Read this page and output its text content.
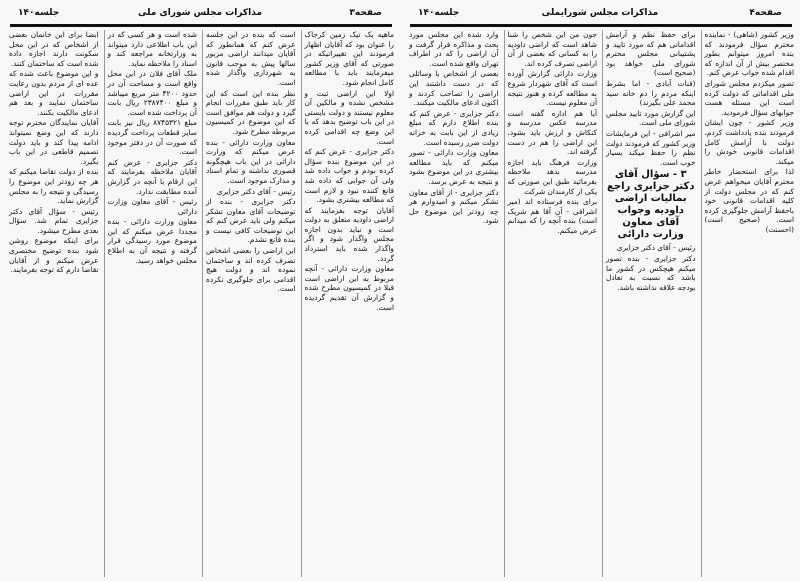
صفحه۳
مذاکرات مجلس شورای ملی
جلسه۱۴۰

ماهیه یک تیک زمین کرجاک را عنوان بود که آقایان اظهار فرمودند این تغییراتیکه در صورتی که آقای وزیر کشور میفرمایند باید با مطالعه کامل انجام شود.

اولا این اراضی ثبت و مشخص نشده و مالکین آن معلوم نیستند و دولت بایستی در این باب توضیح بدهد که با این وضع چه اقدامی کرده است.

دکتر جزایری - عرض کنم که در این موضوع بنده سؤال کرده بودم و جواب داده شد ولی آن جوابی که داده شد قانع کننده نبود و لازم است که مطالعه بیشتری بشود.

آقایان توجه بفرمایند که اراضی داودیه متعلق به دولت است و نباید بدون اجازه مجلس واگذار شود و اگر واگذار شده باید استرداد گردد.

معاون وزارت دارائی - آنچه مربوط به این اراضی است قبلا در کمیسیون مطرح شده و گزارش آن تقدیم گردیده است.

است که بنده در این جلسه عرض کنم که همانطور که آقایان میدانند اراضی مزبور سالها پیش به موجب قانون به شهرداری واگذار شده است.

نظر بنده این است که این کار باید طبق مقررات انجام گیرد و دولت هم موافق است که این موضوع در کمیسیون مربوطه مطرح شود.

معاون وزارت دارائی - بنده عرض میکنم که وزارت دارائی در این باب هیچگونه قصوری نداشته و تمام اسناد و مدارک موجود است.

رئیس - آقای دکتر جزایری

دکتر جزایری - بنده از توضیحات آقای معاون تشکر میکنم ولی باید عرض کنم که این توضیحات کافی نیست و بنده قانع نشدم.

این اراضی را بعضی اشخاص تصرف کرده اند و ساختمان نموده اند و دولت هیچ اقدامی برای جلوگیری نکرده است.

شده است و هر کسی که در این باب اطلاعی دارد میتواند به وزارتخانه مراجعه کند و اسناد را ملاحظه نماید.

ملک آقای فلان در این محل واقع است و مساحت آن در حدود ۴۲۰۰ متر مربع میباشد و مبلغ ۲۳۸۷۴۰۰ ریال بابت آن پرداخت شده است.

مبلغ ۸۷۴۵۳۲۱ ریال نیز بابت سایر قطعات پرداخت گردیده که صورت آن در دفتر موجود است.

دکتر جزایری - عرض کنم آقایان ملاحظه بفرمایند که این ارقام با آنچه در گزارش آمده مطابقت ندارد.

رئیس - آقای معاون وزارت دارائی

معاون وزارت دارائی - بنده مجددا عرض میکنم که این موضوع مورد رسیدگی قرار گرفته و نتیجه آن به اطلاع مجلس خواهد رسید.

ایضا برای این خانمان بعضی از اشخاص که در این محل سکونت دارند اجازه داده شده است که ساختمان کنند.

و این موضوع باعث شده که عده ای از مردم بدون رعایت مقررات در این اراضی ساختمان نمایند و بعد هم ادعای مالکیت بکنند.

آقایان نمایندگان محترم توجه دارند که این وضع نمیتواند ادامه پیدا کند و باید دولت تصمیم قاطعی در این باب بگیرد.

بنده از دولت تقاضا میکنم که هر چه زودتر این موضوع را رسیدگی و نتیجه را به مجلس گزارش نماید.

رئیس - سؤال آقای دکتر جزایری تمام شد. سؤال بعدی مطرح میشود.

برای اینکه موضوع روشن شود بنده توضیح مختصری عرض میکنم و از آقایان تقاضا دارم که توجه بفرمایند.

صفحه۴
مذاکرات مجلس شورایملی
جلسه۱۴۰

وزیر کشور (شاهی) - نماینده محترم سؤال فرمودند که بنده امروز میتوانم بطور مختصر بیش از آن اندازه که اقدام شده جواب عرض کنم.

تصور میکردم مجلس شورای ملی اقداماتی که دولت کرده است این مسئله هست جوابهای سؤال فرمودید.

وزیر کشور - چون ایشان فرمودند بنده یادداشت کردم، دولت با آرامش کامل اقدامات قانونی خودش را میکند.

لذا برای استحضار خاطر محترم آقایان میخواهم عرض کنم که در مجلس دولت از کلیه اقدامات قانونی خود باحفظ آرامش جلوگیری کرده است. (صحیح است) (احسنت)

برای حفظ نظم و آرامش اقداماتی هم که مورد تایید و پشتیبانی مجلس محترم شورای ملی خواهد بود (صحیح است)

(قنات آبادی - اما بشرط اینکه مردم را دم خانه سید محمد علی بگیرند)

این گزارش مورد تایید مجلس شورای ملی است.

میر اشرافی - این فرمایشات وزیر کشور که فرمودند دولت نظم را حفظ میکند بسیار خوب است.

۳ - سؤال آقای دکتر جزایری راجع بمالیات اراضی داودیه وجواب آقای معاون وزارت دارائی

رئیس - آقای دکتر جزایری

دکتر جزایری - بنده تصور میکنم هیچکس در کشور ما باشد که نسبت به تعادل بودجه علاقه نداشته باشد.

جون من این شخص را شنا شاهد است که اراضی داودیه را به کسانی که بعضی از آن اراضی تصرف کرده اند.

وزارت دارائی گزارش آورده است که آقای شهردار شروع به مطالعه کرده و هنوز نتیجه آن معلوم نیست.

آیا هم اداره گفته است مدرسه عکس مدرسه و کنکاش و ارزش باید بشود، این اراضی را هم در دست گرفته اند.

وزارت فرهنگ باید اجازه مدرسه بدهد ملاحظه بفرمائید طبق این صورتی که یکی از کارمندان شرکت

برای بنده فرستاده اند (میر اشرافی - آن آقا هم شریک است) بنده آنچه را که میدانم عرض میکنم.

وارد شده این مجلس مورد بحث و مذاکره قرار گرفت و آن اراضی را که در اطراف تهران واقع شده است.

بعضی از اشخاص با وسائلی که در دست داشتند این اراضی را تصاحب کردند و اکنون ادعای مالکیت میکنند.

دکتر جزایری - عرض کنم که بنده اطلاع دارم که مبلغ زیادی از این بابت به خزانه دولت ضرر رسیده است.

معاون وزارت دارائی - تصور میکنم که باید مطالعه بیشتری در این موضوع بشود و نتیجه به عرض برسد.

دکتر جزایری - از آقای معاون تشکر میکنم و امیدوارم هر چه زودتر این موضوع حل شود.
